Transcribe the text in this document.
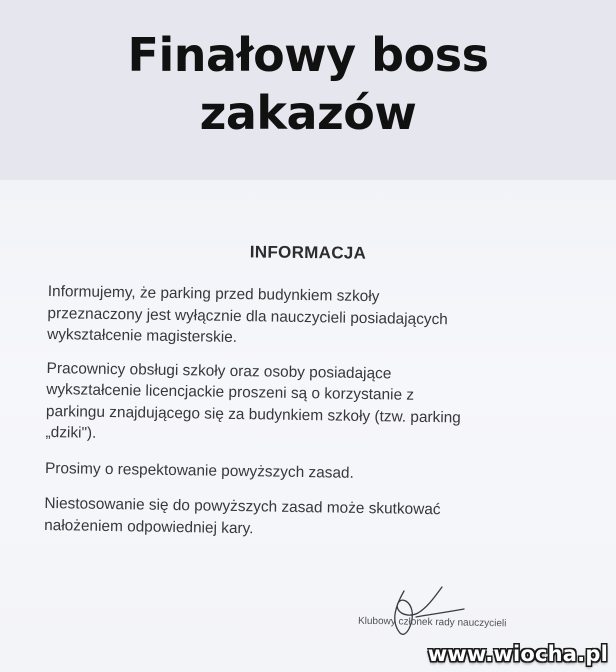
Finałowy boss
zakazów
INFORMACJA

Informujemy, że parking przed budynkiem szkoły
przeznaczony jest wyłącznie dla nauczycieli posiadających
wykształcenie magisterskie.

Pracownicy obsługi szkoły oraz osoby posiadające
wykształcenie licencjackie proszeni są o korzystanie z
parkingu znajdującego się za budynkiem szkoły (tzw. parking
„dziki").

Prosimy o respektowanie powyższych zasad.

Niestosowanie się do powyższych zasad może skutkować
nałożeniem odpowiedniej kary.

Klubowy członek rady nauczycieli
www.wiocha.pl
